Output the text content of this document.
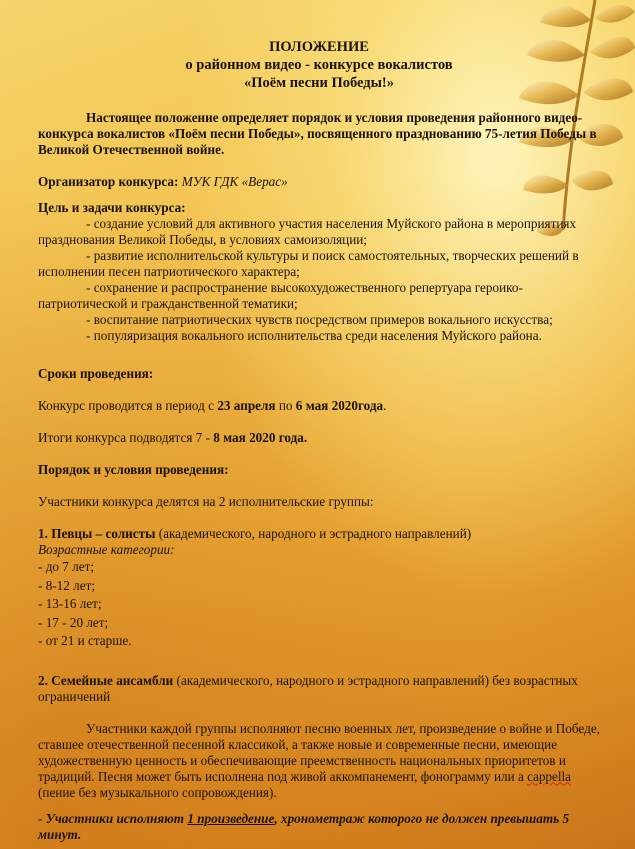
ПОЛОЖЕНИЕ

о районном видео - конкурсе вокалистов

«Поём песни Победы!»

Настоящее положение определяет порядок и условия проведения районного видео-конкурса вокалистов «Поём песни Победы», посвященного празднованию 75-летия Победы в Великой Отечественной войне.

Организатор конкурса: МУК ГДК «Верас»

Цель и задачи конкурса:

- создание условий для активного участия населения Муйского района в мероприятиях празднования Великой Победы, в условиях самоизоляции;

- развитие исполнительской культуры и поиск самостоятельных, творческих решений в исполнении песен патриотического характера;

- сохранение и распространение высокохудожественного репертуара героико-патриотической и гражданственной тематики;

- воспитание патриотических чувств посредством примеров вокального искусства;

- популяризация вокального исполнительства среди населения Муйского района.

Сроки проведения:

Конкурс проводится в период с 23 апреля по 6 мая 2020года.

Итоги конкурса подводятся 7 - 8 мая 2020 года.

Порядок и условия проведения:

Участники конкурса делятся на 2 исполнительские группы:

1. Певцы – солисты (академического, народного и эстрадного направлений)

Возрастные категории:

- до 7 лет;

- 8-12 лет;

- 13-16 лет;

- 17 - 20 лет;

- от 21 и старше.

2. Семейные ансамбли (академического, народного и эстрадного направлений) без возрастных ограничений

Участники каждой группы исполняют песню военных лет, произведение о войне и Победе, ставшее отечественной песенной классикой, а также новые и современные песни, имеющие художественную ценность и обеспечивающие преемственность национальных приоритетов и традиций. Песня может быть исполнена под живой аккомпанемент, фонограмму или а cappella (пение без музыкального сопровождения).

- Участники исполняют 1 произведение, хронометраж которого не должен превышать 5 минут.
